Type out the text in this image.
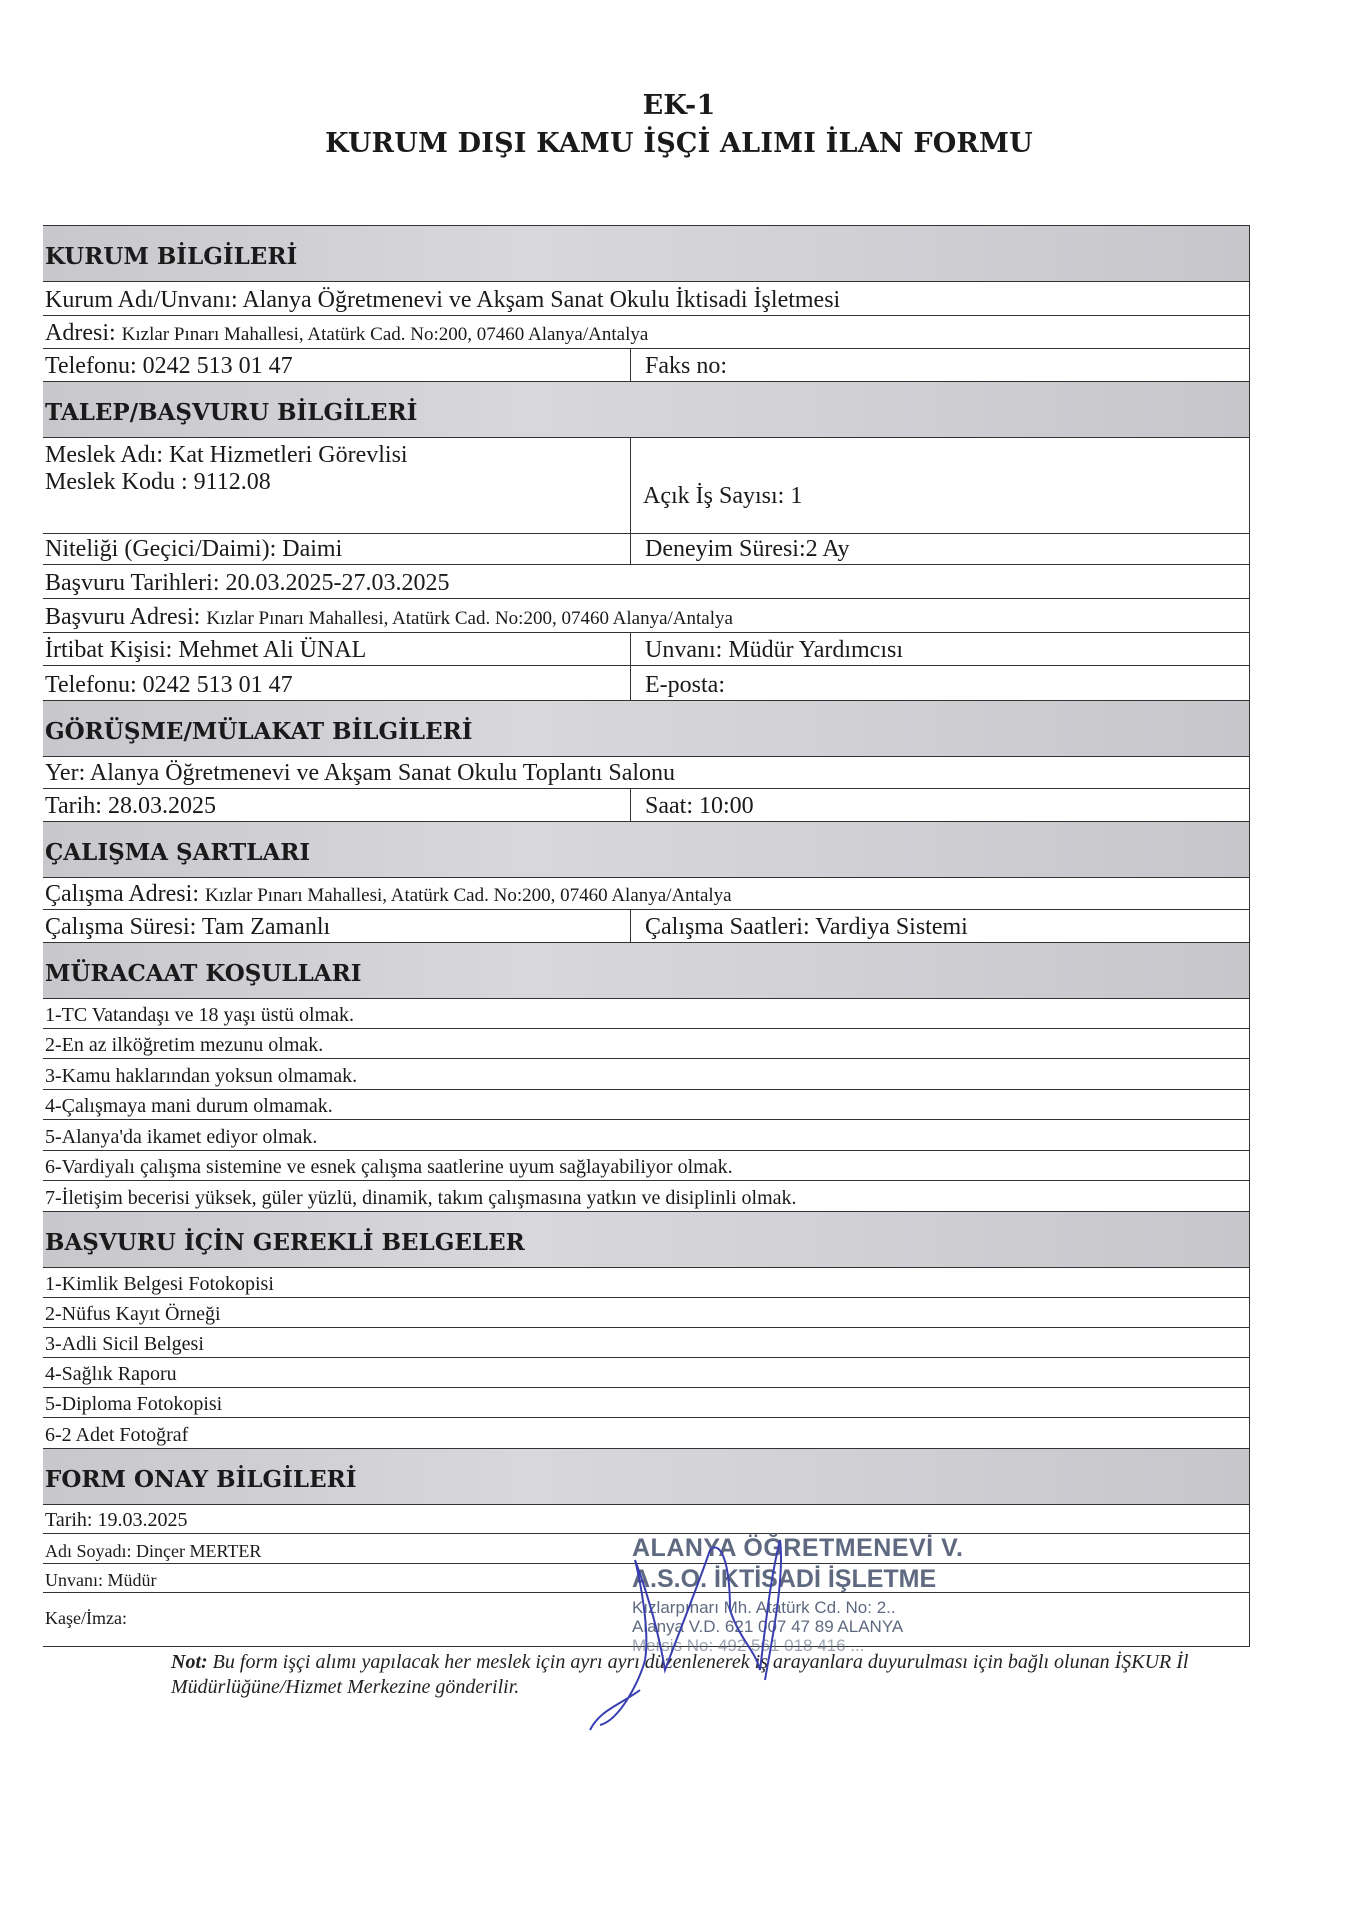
EK-1
KURUM DIŞI KAMU İŞÇİ ALIMI İLAN FORMU
KURUM BİLGİLERİ
Kurum Adı/Unvanı: Alanya Öğretmenevi ve Akşam Sanat Okulu İktisadi İşletmesi
Adresi: Kızlar Pınarı Mahallesi, Atatürk Cad. No:200, 07460 Alanya/Antalya
Telefonu: 0242 513 01 47	Faks no:
TALEP/BAŞVURU BİLGİLERİ
Meslek Adı: Kat Hizmetleri Görevlisi
Meslek Kodu : 9112.08
Açık İş Sayısı: 1
Niteliği (Geçici/Daimi): Daimi	Deneyim Süresi:2 Ay
Başvuru Tarihleri: 20.03.2025-27.03.2025
Başvuru Adresi: Kızlar Pınarı Mahallesi, Atatürk Cad. No:200, 07460 Alanya/Antalya
İrtibat Kişisi: Mehmet Ali ÜNAL	Unvanı: Müdür Yardımcısı
Telefonu: 0242 513 01 47	E-posta:
GÖRÜŞME/MÜLAKAT BİLGİLERİ
Yer: Alanya Öğretmenevi ve Akşam Sanat Okulu Toplantı Salonu
Tarih: 28.03.2025	Saat: 10:00
ÇALIŞMA ŞARTLARI
Çalışma Adresi: Kızlar Pınarı Mahallesi, Atatürk Cad. No:200, 07460 Alanya/Antalya
Çalışma Süresi: Tam Zamanlı	Çalışma Saatleri: Vardiya Sistemi
MÜRACAAT KOŞULLARI
1-TC Vatandaşı ve 18 yaşı üstü olmak.
2-En az ilköğretim mezunu olmak.
3-Kamu haklarından yoksun olmamak.
4-Çalışmaya mani durum olmamak.
5-Alanya'da ikamet ediyor olmak.
6-Vardiyalı çalışma sistemine ve esnek çalışma saatlerine uyum sağlayabiliyor olmak.
7-İletişim becerisi yüksek, güler yüzlü, dinamik, takım çalışmasına yatkın ve disiplinli olmak.
BAŞVURU İÇİN GEREKLİ BELGELER
1-Kimlik Belgesi Fotokopisi
2-Nüfus Kayıt Örneği
3-Adli Sicil Belgesi
4-Sağlık Raporu
5-Diploma Fotokopisi
6-2 Adet Fotoğraf
FORM ONAY BİLGİLERİ
Tarih: 19.03.2025
Adı Soyadı: Dinçer MERTER
Unvanı: Müdür
Kaşe/İmza:
ALANYA ÖĞRETMENEVİ V.
A.S.O. İKTİSADİ İŞLETME
Kızlarpınarı Mh. Atatürk Cd. No: 2..
Alanya V.D. 621 007 47 89 ALANYA
Mersis No: 492 561 018 416 ...
Not: Bu form işçi alımı yapılacak her meslek için ayrı ayrı düzenlenerek iş arayanlara duyurulması için bağlı olunan İŞKUR İl Müdürlüğüne/Hizmet Merkezine gönderilir.
